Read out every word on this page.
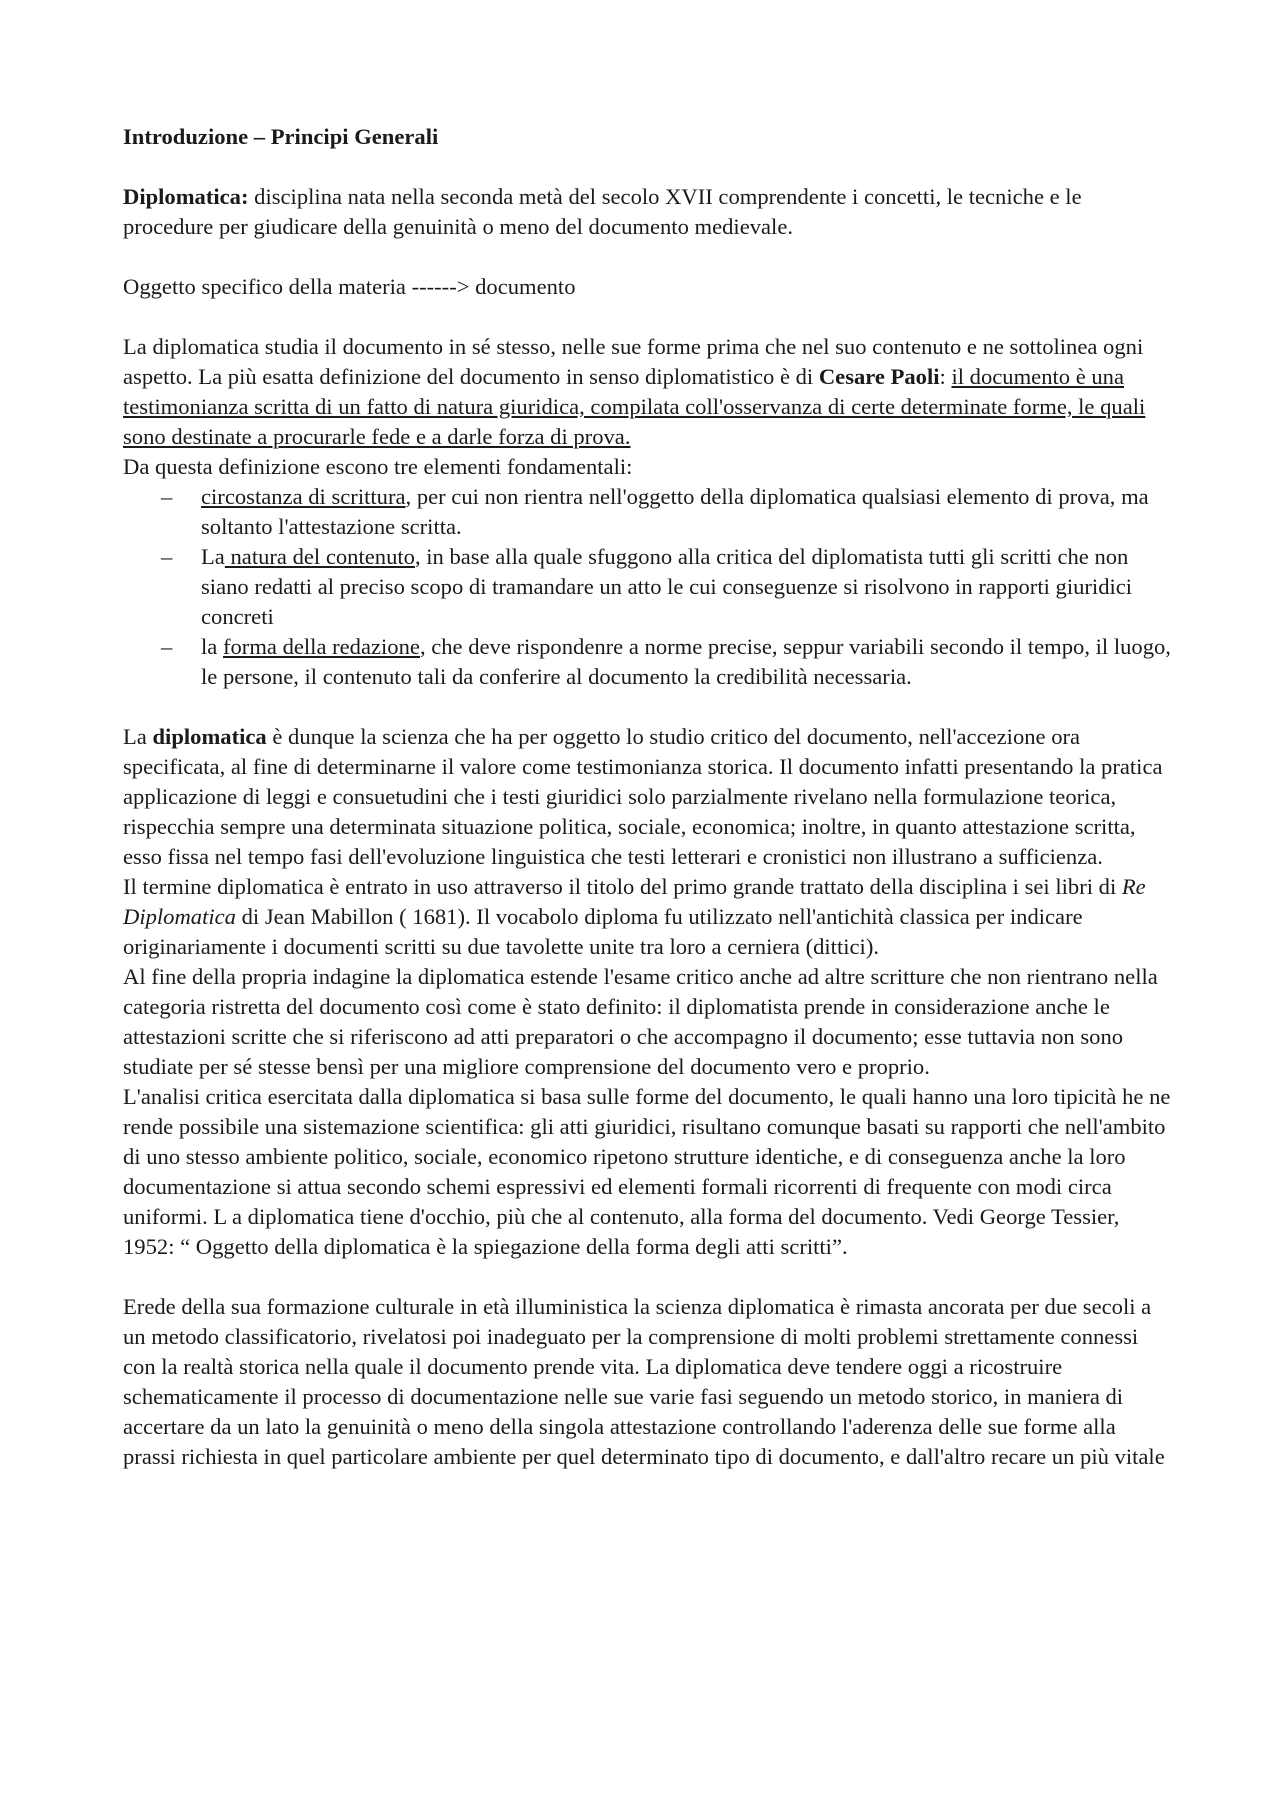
Introduzione – Principi Generali

Diplomatica: disciplina nata nella seconda metà del secolo XVII comprendente i concetti, le tecniche e le procedure per giudicare della genuinità o meno del documento medievale.

Oggetto specifico della materia ------> documento

La diplomatica studia il documento in sé stesso, nelle sue forme prima che nel suo contenuto e ne sottolinea ogni aspetto. La più esatta definizione del documento in senso diplomatistico è di Cesare Paoli: il documento è una testimonianza scritta di un fatto di natura giuridica, compilata coll'osservanza di certe determinate forme, le quali sono destinate a procurarle fede e a darle forza di prova.

Da questa definizione escono tre elementi fondamentali:

– circostanza di scrittura, per cui non rientra nell'oggetto della diplomatica qualsiasi elemento di prova, ma soltanto l'attestazione scritta.
– La natura del contenuto, in base alla quale sfuggono alla critica del diplomatista tutti gli scritti che non siano redatti al preciso scopo di tramandare un atto le cui conseguenze si risolvono in rapporti giuridici concreti
– la forma della redazione, che deve rispondenre a norme precise, seppur variabili secondo il tempo, il luogo, le persone, il contenuto tali da conferire al documento la credibilità necessaria.

La diplomatica è dunque la scienza che ha per oggetto lo studio critico del documento, nell'accezione ora specificata, al fine di determinarne il valore come testimonianza storica. Il documento infatti presentando la pratica applicazione di leggi e consuetudini che i testi giuridici solo parzialmente rivelano nella formulazione teorica, rispecchia sempre una determinata situazione politica, sociale, economica; inoltre, in quanto attestazione scritta, esso fissa nel tempo fasi dell'evoluzione linguistica che testi letterari e cronistici non illustrano a sufficienza.

Il termine diplomatica è entrato in uso attraverso il titolo del primo grande trattato della disciplina i sei libri di Re Diplomatica di Jean Mabillon ( 1681). Il vocabolo diploma fu utilizzato nell'antichità classica per indicare originariamente i documenti scritti su due tavolette unite tra loro a cerniera (dittici).

Al fine della propria indagine la diplomatica estende l'esame critico anche ad altre scritture che non rientrano nella categoria ristretta del documento così come è stato definito: il diplomatista prende in considerazione anche le attestazioni scritte che si riferiscono ad atti preparatori o che accompagno il documento; esse tuttavia non sono studiate per sé stesse bensì per una migliore comprensione del documento vero e proprio.

L'analisi critica esercitata dalla diplomatica si basa sulle forme del documento, le quali hanno una loro tipicità he ne rende possibile una sistemazione scientifica: gli atti giuridici, risultano comunque basati su rapporti che nell'ambito di uno stesso ambiente politico, sociale, economico ripetono strutture identiche, e di conseguenza anche la loro documentazione si attua secondo schemi espressivi ed elementi formali ricorrenti di frequente con modi circa uniformi. L a diplomatica tiene d'occhio, più che al contenuto, alla forma del documento. Vedi George Tessier, 1952: “ Oggetto della diplomatica è la spiegazione della forma degli atti scritti”.

Erede della sua formazione culturale in età illuministica la scienza diplomatica è rimasta ancorata per due secoli a un metodo classificatorio, rivelatosi poi inadeguato per la comprensione di molti problemi strettamente connessi con la realtà storica nella quale il documento prende vita. La diplomatica deve tendere oggi a ricostruire schematicamente il processo di documentazione nelle sue varie fasi seguendo un metodo storico, in maniera di accertare da un lato la genuinità o meno della singola attestazione controllando l'aderenza delle sue forme alla prassi richiesta in quel particolare ambiente per quel determinato tipo di documento, e dall'altro recare un più vitale
